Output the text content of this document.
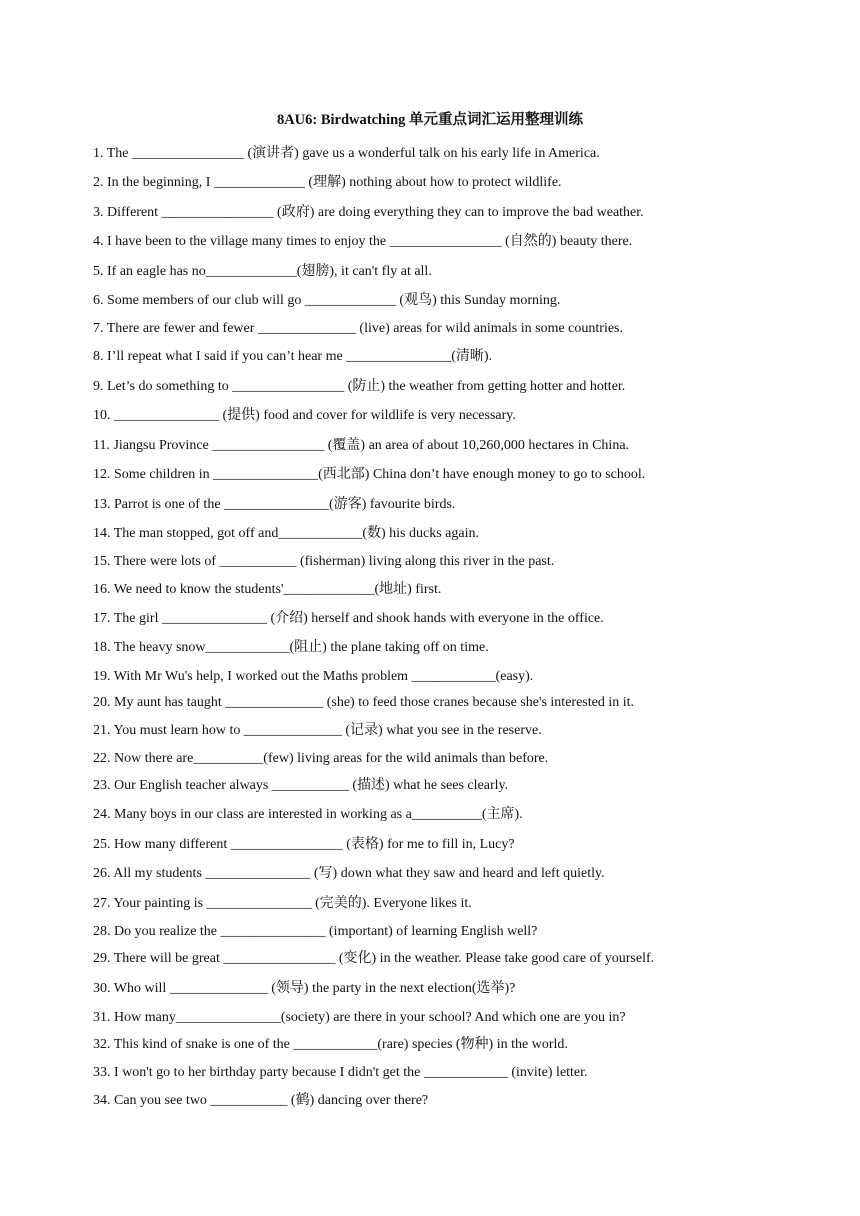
8AU6: Birdwatching 单元重点词汇运用整理训练
1. The ________________ (演讲者) gave us a wonderful talk on his early life in America.
2. In the beginning, I _____________ (理解) nothing about how to protect wildlife.
3. Different ________________ (政府) are doing everything they can to improve the bad weather.
4. I have been to the village many times to enjoy the ________________ (自然的) beauty there.
5. If an eagle has no_____________(翅膀), it can't fly at all.
6. Some members of our club will go _____________ (观鸟) this Sunday morning.
7. There are fewer and fewer ______________ (live) areas for wild animals in some countries.
8. I’ll repeat what I said if you can’t hear me _______________(清晰).
9. Let’s do something to ________________ (防止) the weather from getting hotter and hotter.
10. _______________ (提供) food and cover for wildlife is very necessary.
11. Jiangsu Province ________________ (覆盖) an area of about 10,260,000 hectares in China.
12. Some children in _______________(西北部) China don’t have enough money to go to school.
13. Parrot is one of the _______________(游客) favourite birds.
14. The man stopped, got off and____________(数) his ducks again.
15. There were lots of ___________ (fisherman) living along this river in the past.
16. We need to know the students'_____________(地址) first.
17. The girl _______________ (介绍) herself and shook hands with everyone in the office.
18. The heavy snow____________(阻止) the plane taking off on time.
19. With Mr Wu's help, I worked out the Maths problem ____________(easy).
20. My aunt has taught ______________ (she) to feed those cranes because she's interested in it.
21. You must learn how to ______________ (记录) what you see in the reserve.
22. Now there are__________(few) living areas for the wild animals than before.
23. Our English teacher always ___________ (描述) what he sees clearly.
24. Many boys in our class are interested in working as a__________(主席).
25. How many different ________________ (表格) for me to fill in, Lucy?
26. All my students _______________ (写) down what they saw and heard and left quietly.
27. Your painting is _______________ (完美的). Everyone likes it.
28. Do you realize the _______________ (important) of learning English well?
29. There will be great ________________ (变化) in the weather. Please take good care of yourself.
30. Who will ______________ (领导) the party in the next election(选举)?
31. How many_______________(society) are there in your school? And which one are you in?
32. This kind of snake is one of the ____________(rare) species (物种) in the world.
33. I won't go to her birthday party because I didn't get the ____________ (invite) letter.
34. Can you see two ___________ (鹤) dancing over there?
